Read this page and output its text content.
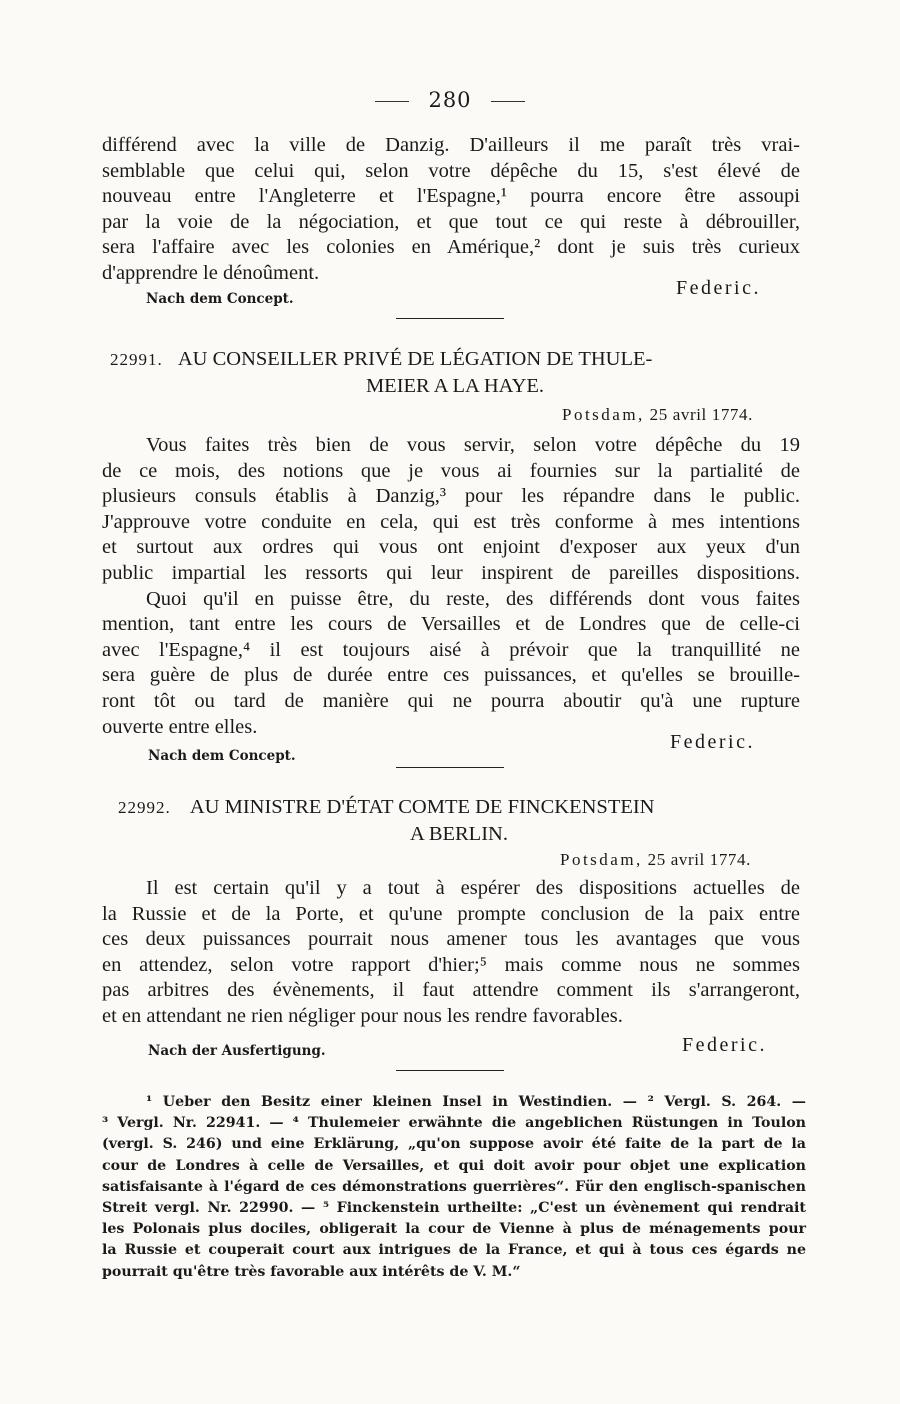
280
différend avec la ville de Danzig. D'ailleurs il me paraît très vrai-
semblable que celui qui, selon votre dépêche du 15, s'est élevé de
nouveau entre l'Angleterre et l'Espagne,¹ pourra encore être assoupi
par la voie de la négociation, et que tout ce qui reste à débrouiller,
sera l'affaire avec les colonies en Amérique,² dont je suis très curieux
d'apprendre le dénoûment.
Nach dem Concept.	Federic.
22991. AU CONSEILLER PRIVÉ DE LÉGATION DE THULE-
MEIER A LA HAYE.
Potsdam, 25 avril 1774.
Vous faites très bien de vous servir, selon votre dépêche du 19
de ce mois, des notions que je vous ai fournies sur la partialité de
plusieurs consuls établis à Danzig,³ pour les répandre dans le public.
J'approuve votre conduite en cela, qui est très conforme à mes intentions
et surtout aux ordres qui vous ont enjoint d'exposer aux yeux d'un
public impartial les ressorts qui leur inspirent de pareilles dispositions.
Quoi qu'il en puisse être, du reste, des différends dont vous faites
mention, tant entre les cours de Versailles et de Londres que de celle-ci
avec l'Espagne,⁴ il est toujours aisé à prévoir que la tranquillité ne
sera guère de plus de durée entre ces puissances, et qu'elles se brouille-
ront tôt ou tard de manière qui ne pourra aboutir qu'à une rupture
ouverte entre elles.
Nach dem Concept.
Federic.
22992. AU MINISTRE D'ÉTAT COMTE DE FINCKENSTEIN
A BERLIN.
Potsdam, 25 avril 1774.
Il est certain qu'il y a tout à espérer des dispositions actuelles de
la Russie et de la Porte, et qu'une prompte conclusion de la paix entre
ces deux puissances pourrait nous amener tous les avantages que vous
en attendez, selon votre rapport d'hier;⁵ mais comme nous ne sommes
pas arbitres des évènements, il faut attendre comment ils s'arrangeront,
et en attendant ne rien négliger pour nous les rendre favorables.
Nach der Ausfertigung.	Federic.
¹ Ueber den Besitz einer kleinen Insel in Westindien. — ² Vergl. S. 264. —
³ Vergl. Nr. 22941. — ⁴ Thulemeier erwähnte die angeblichen Rüstungen in Toulon
(vergl. S. 246) und eine Erklärung, „qu'on suppose avoir été faite de la part de la
cour de Londres à celle de Versailles, et qui doit avoir pour objet une explication
satisfaisante à l'égard de ces démonstrations guerrières“. Für den englisch-spanischen
Streit vergl. Nr. 22990. — ⁵ Finckenstein urtheilte: „C'est un évènement qui rendrait
les Polonais plus dociles, obligerait la cour de Vienne à plus de ménagements pour
la Russie et couperait court aux intrigues de la France, et qui à tous ces égards ne
pourrait qu'être très favorable aux intérêts de V. M.“
